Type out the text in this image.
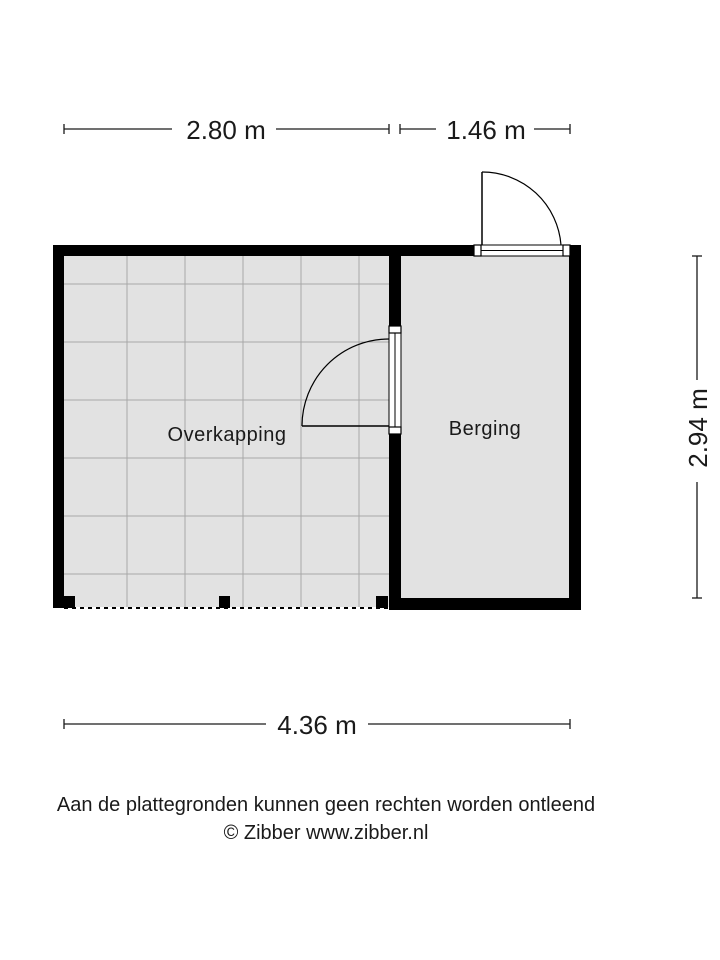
Overkapping	Berging
2.80 m	1.46 m
2.94 m
4.36 m
Aan de plattegronden kunnen geen rechten worden ontleend
© Zibber www.zibber.nl
